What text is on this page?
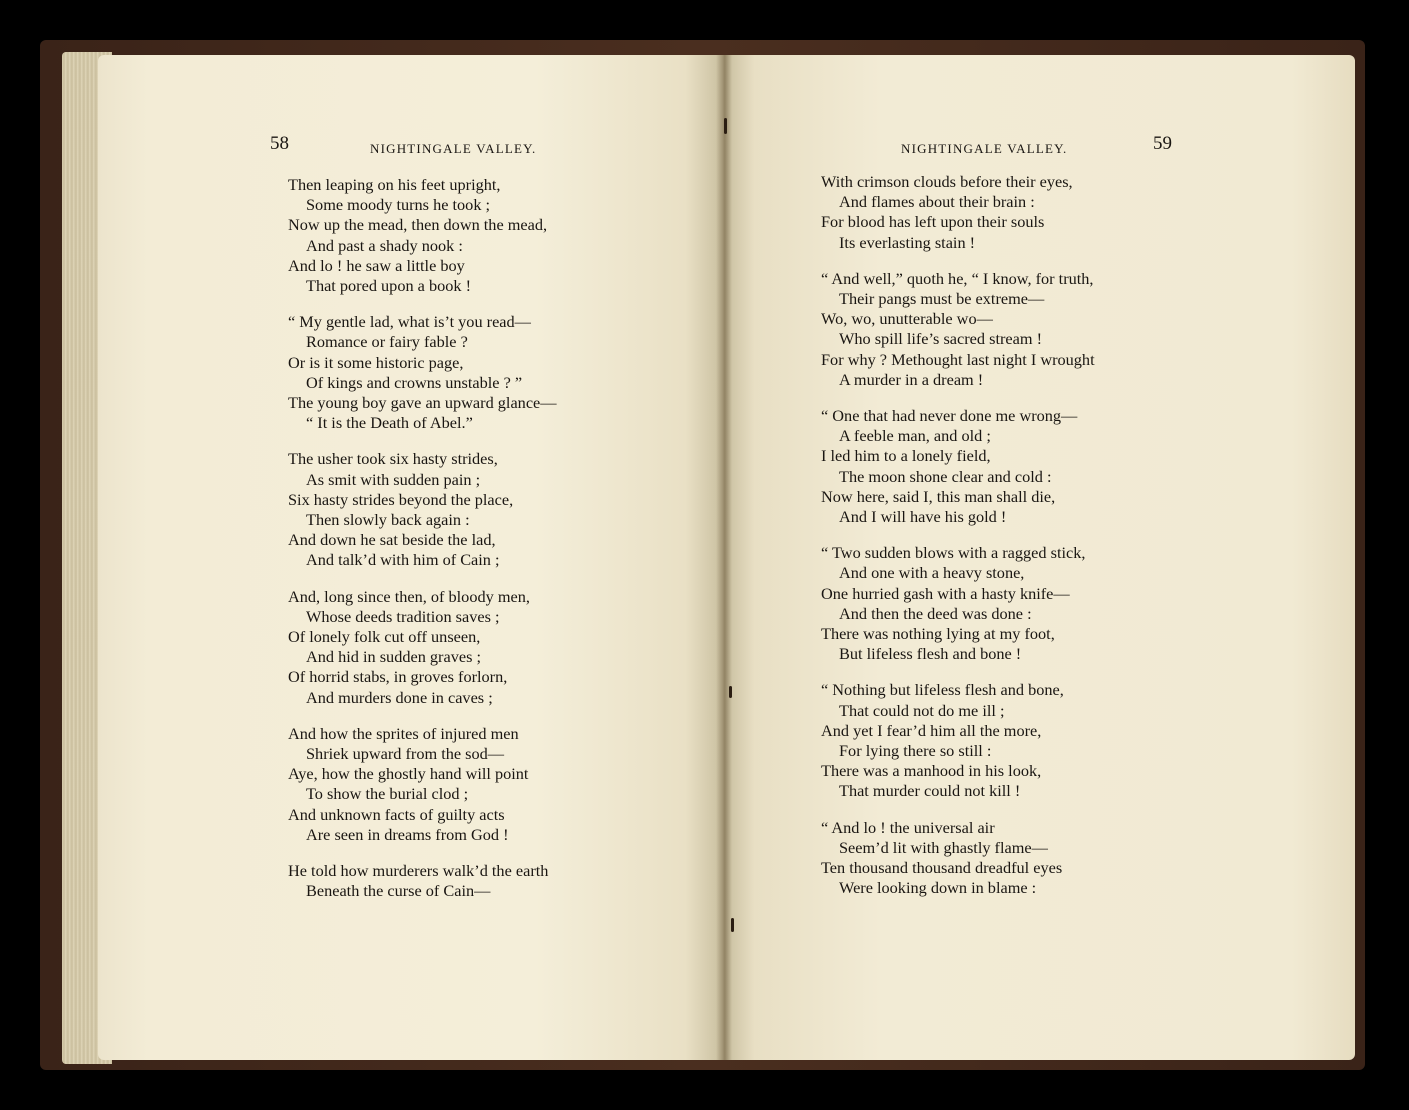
58	NIGHTINGALE VALLEY.
Then leaping on his feet upright,
Some moody turns he took ;
Now up the mead, then down the mead,
And past a shady nook :
And lo ! he saw a little boy
That pored upon a book !
“ My gentle lad, what is’t you read—
Romance or fairy fable ?
Or is it some historic page,
Of kings and crowns unstable ? ”
The young boy gave an upward glance—
“ It is the Death of Abel.”
The usher took six hasty strides,
As smit with sudden pain ;
Six hasty strides beyond the place,
Then slowly back again :
And down he sat beside the lad,
And talk’d with him of Cain ;
And, long since then, of bloody men,
Whose deeds tradition saves ;
Of lonely folk cut off unseen,
And hid in sudden graves ;
Of horrid stabs, in groves forlorn,
And murders done in caves ;
And how the sprites of injured men
Shriek upward from the sod—
Aye, how the ghostly hand will point
To show the burial clod ;
And unknown facts of guilty acts
Are seen in dreams from God !
He told how murderers walk’d the earth
Beneath the curse of Cain—
NIGHTINGALE VALLEY.	59
With crimson clouds before their eyes,
And flames about their brain :
For blood has left upon their souls
Its everlasting stain !
“ And well,” quoth he, “ I know, for truth,
Their pangs must be extreme—
Wo, wo, unutterable wo—
Who spill life’s sacred stream !
For why ? Methought last night I wrought
A murder in a dream !
“ One that had never done me wrong—
A feeble man, and old ;
I led him to a lonely field,
The moon shone clear and cold :
Now here, said I, this man shall die,
And I will have his gold !
“ Two sudden blows with a ragged stick,
And one with a heavy stone,
One hurried gash with a hasty knife—
And then the deed was done :
There was nothing lying at my foot,
But lifeless flesh and bone !
“ Nothing but lifeless flesh and bone,
That could not do me ill ;
And yet I fear’d him all the more,
For lying there so still :
There was a manhood in his look,
That murder could not kill !
“ And lo ! the universal air
Seem’d lit with ghastly flame—
Ten thousand thousand dreadful eyes
Were looking down in blame :
